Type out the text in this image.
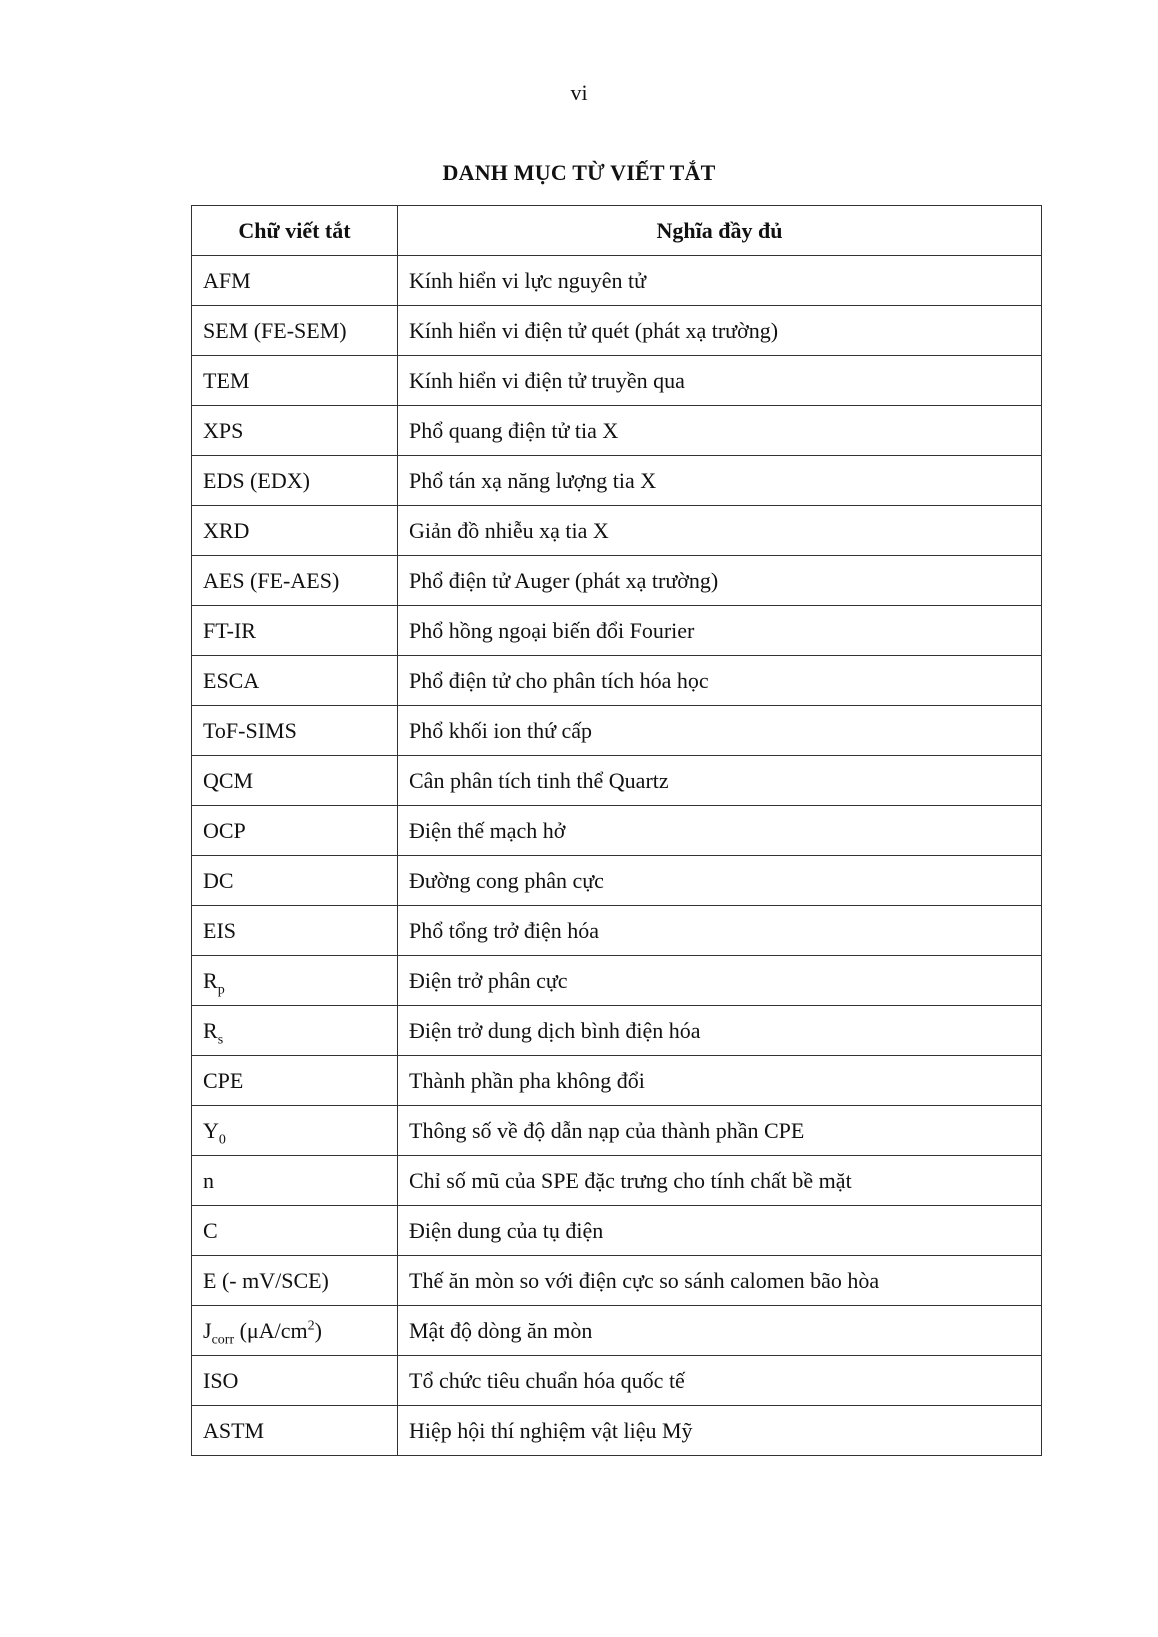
vi
DANH MỤC TỪ VIẾT TẮT
Chữ viết tắt	Nghĩa đầy đủ
AFM	Kính hiển vi lực nguyên tử
SEM (FE-SEM)	Kính hiển vi điện tử quét (phát xạ trường)
TEM	Kính hiển vi điện tử truyền qua
XPS	Phổ quang điện tử tia X
EDS (EDX)	Phổ tán xạ năng lượng tia X
XRD	Giản đồ nhiễu xạ tia X
AES (FE-AES)	Phổ điện tử Auger (phát xạ trường)
FT-IR	Phổ hồng ngoại biến đổi Fourier
ESCA	Phổ điện tử cho phân tích hóa học
ToF-SIMS	Phổ khối ion thứ cấp
QCM	Cân phân tích tinh thể Quartz
OCP	Điện thế mạch hở
DC	Đường cong phân cực
EIS	Phổ tổng trở điện hóa
$R_p$	Điện trở phân cực
$R_s$	Điện trở dung dịch bình điện hóa
CPE	Thành phần pha không đổi
$Y_0$	Thông số về độ dẫn nạp của thành phần CPE
n	Chỉ số mũ của SPE đặc trưng cho tính chất bề mặt
C	Điện dung của tụ điện
E (- mV/SCE)	Thế ăn mòn so với điện cực so sánh calomen bão hòa
$J_{corr}$ $(\mu A/cm^2)$	Mật độ dòng ăn mòn
ISO	Tổ chức tiêu chuẩn hóa quốc tế
ASTM	Hiệp hội thí nghiệm vật liệu Mỹ
